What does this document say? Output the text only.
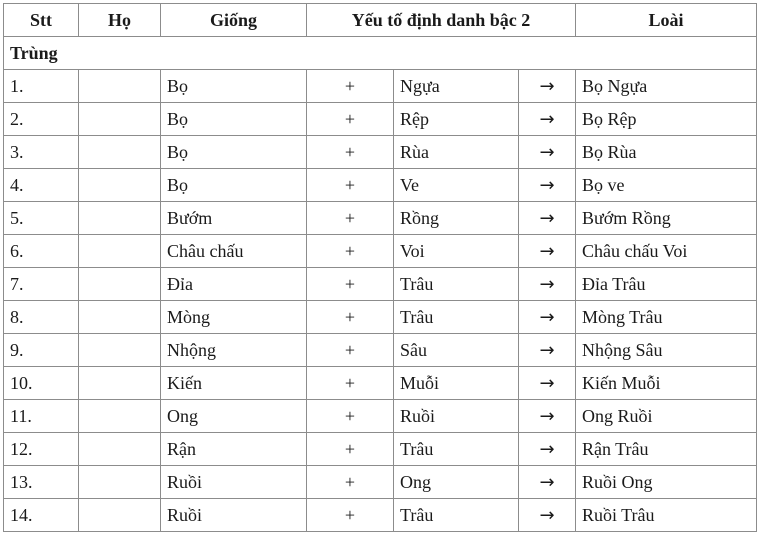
Stt	Họ	Giống	Yếu tố định danh bậc 2			Loài
Trùng						
1.		Bọ	+	Ngựa	→	Bọ Ngựa
2.		Bọ	+	Rệp	→	Bọ Rệp
3.		Bọ	+	Rùa	→	Bọ Rùa
4.		Bọ	+	Ve	→	Bọ ve
5.		Bướm	+	Rồng	→	Bướm Rồng
6.		Châu chấu	+	Voi	→	Châu chấu Voi
7.		Đỉa	+	Trâu	→	Đỉa Trâu
8.		Mòng	+	Trâu	→	Mòng Trâu
9.		Nhộng	+	Sâu	→	Nhộng Sâu
10.		Kiến	+	Muỗi	→	Kiến Muỗi
11.		Ong	+	Ruồi	→	Ong Ruồi
12.		Rận	+	Trâu	→	Rận Trâu
13.		Ruồi	+	Ong	→	Ruồi Ong
14.		Ruồi	+	Trâu	→	Ruồi Trâu
